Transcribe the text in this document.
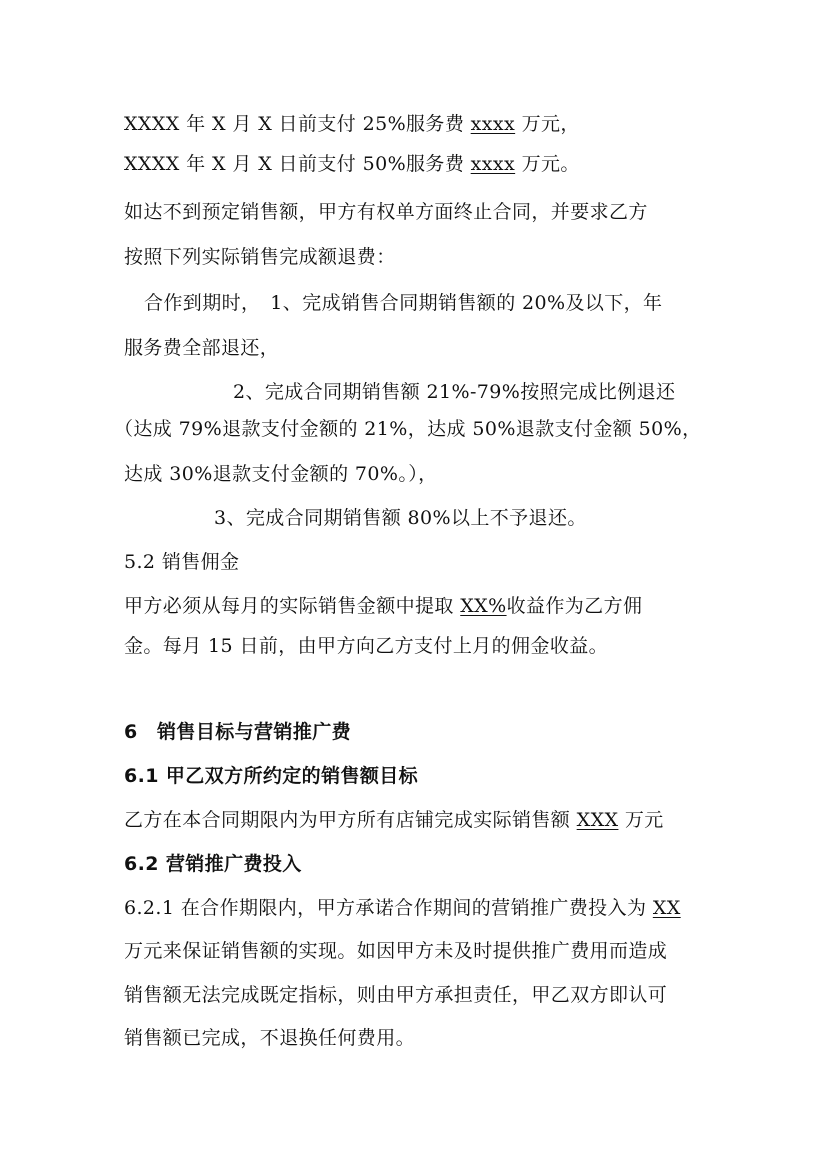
XXXX 年 X 月 X 日前支付 25%服务费 xxxx 万元，
XXXX 年 X 月 X 日前支付 50%服务费 xxxx 万元。
如达不到预定销售额，甲方有权单方面终止合同，并要求乙方
按照下列实际销售完成额退费：
合作到期时，　1、完成销售合同期销售额的 20%及以下，年
服务费全部退还，
2、完成合同期销售额 21%-79%按照完成比例退还
（达成 79%退款支付金额的 21%，达成 50%退款支付金额 50%，
达成 30%退款支付金额的 70%。），
3、完成合同期销售额 80%以上不予退还。
5.2 销售佣金
甲方必须从每月的实际销售金额中提取 XX%收益作为乙方佣
金。每月 15 日前，由甲方向乙方支付上月的佣金收益。
6　销售目标与营销推广费
6.1 甲乙双方所约定的销售额目标
乙方在本合同期限内为甲方所有店铺完成实际销售额 XXX 万元
6.2 营销推广费投入
6.2.1 在合作期限内，甲方承诺合作期间的营销推广费投入为 XX
万元来保证销售额的实现。如因甲方未及时提供推广费用而造成
销售额无法完成既定指标，则由甲方承担责任，甲乙双方即认可
销售额已完成，不退换任何费用。
